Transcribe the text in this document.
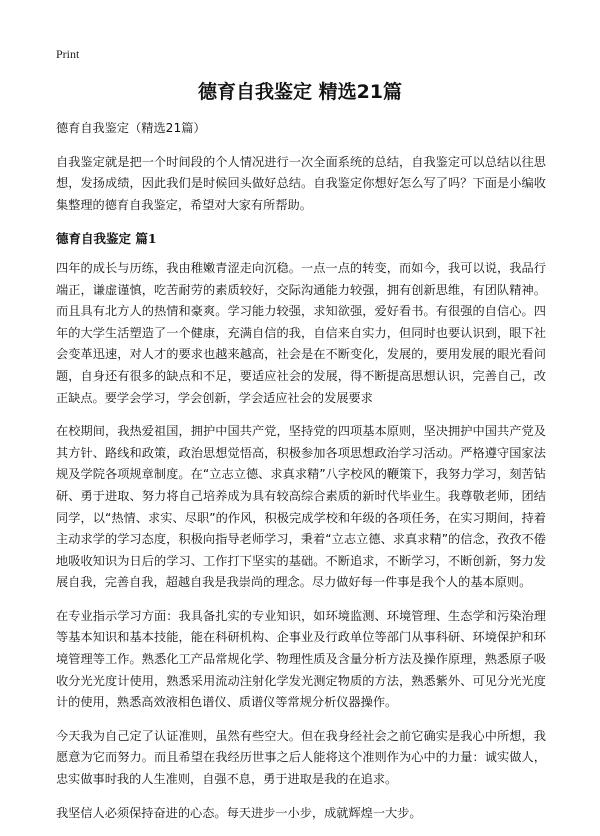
Print
德育自我鉴定 精选21篇

德育自我鉴定（精选21篇）

自我鉴定就是把一个时间段的个人情况进行一次全面系统的总结，自我鉴定可以总结以往思想，发扬成绩，因此我们是时候回头做好总结。自我鉴定你想好怎么写了吗？下面是小编收集整理的德育自我鉴定，希望对大家有所帮助。

德育自我鉴定 篇1

四年的成长与历练，我由稚嫩青涩走向沉稳。一点一点的转变，而如今，我可以说，我品行端正，谦虚谨慎，吃苦耐劳的素质较好，交际沟通能力较强，拥有创新思维，有团队精神。而且具有北方人的热情和豪爽。学习能力较强，求知欲强，爱好看书。有很强的自信心。四年的大学生活塑造了一个健康，充满自信的我，自信来自实力，但同时也要认识到，眼下社会变革迅速，对人才的要求也越来越高，社会是在不断变化，发展的，要用发展的眼光看问题，自身还有很多的缺点和不足，要适应社会的发展，得不断提高思想认识，完善自己，改正缺点。要学会学习，学会创新，学会适应社会的发展要求

在校期间，我热爱祖国，拥护中国共产党，坚持党的四项基本原则，坚决拥护中国共产党及其方针、路线和政策，政治思想觉悟高，积极参加各项思想政治学习活动。严格遵守国家法规及学院各项规章制度。在“立志立德、求真求精”八字校风的鞭策下，我努力学习，刻苦钻研、勇于进取、努力将自己培养成为具有较高综合素质的新时代毕业生。我尊敬老师，团结同学，以“热情、求实、尽职”的作风，积极完成学校和年级的各项任务，在实习期间，持着主动求学的学习态度，积极向指导老师学习，秉着“立志立德、求真求精”的信念，孜孜不倦地吸收知识为日后的学习、工作打下坚实的基础。不断追求，不断学习，不断创新，努力发展自我，完善自我，超越自我是我崇尚的理念。尽力做好每一件事是我个人的基本原则。

在专业指示学习方面：我具备扎实的专业知识，如环境监测、环境管理、生态学和污染治理等基本知识和基本技能，能在科研机构、企事业及行政单位等部门从事科研、环境保护和环境管理等工作。熟悉化工产品常规化学、物理性质及含量分析方法及操作原理，熟悉原子吸收分光光度计使用，熟悉采用流动注射化学发光测定物质的方法，熟悉紫外、可见分光光度计的使用，熟悉高效液相色谱仪、质谱仪等常规分析仪器操作。

今天我为自己定了认证准则，虽然有些空大。但在我身经社会之前它确实是我心中所想，我愿意为它而努力。而且希望在我经历世事之后人能将这个准则作为心中的力量：诚实做人，忠实做事时我的人生准则，自强不息，勇于进取是我的在追求。

我坚信人必须保持奋进的心态。每天进步一小步，成就辉煌一大步。
